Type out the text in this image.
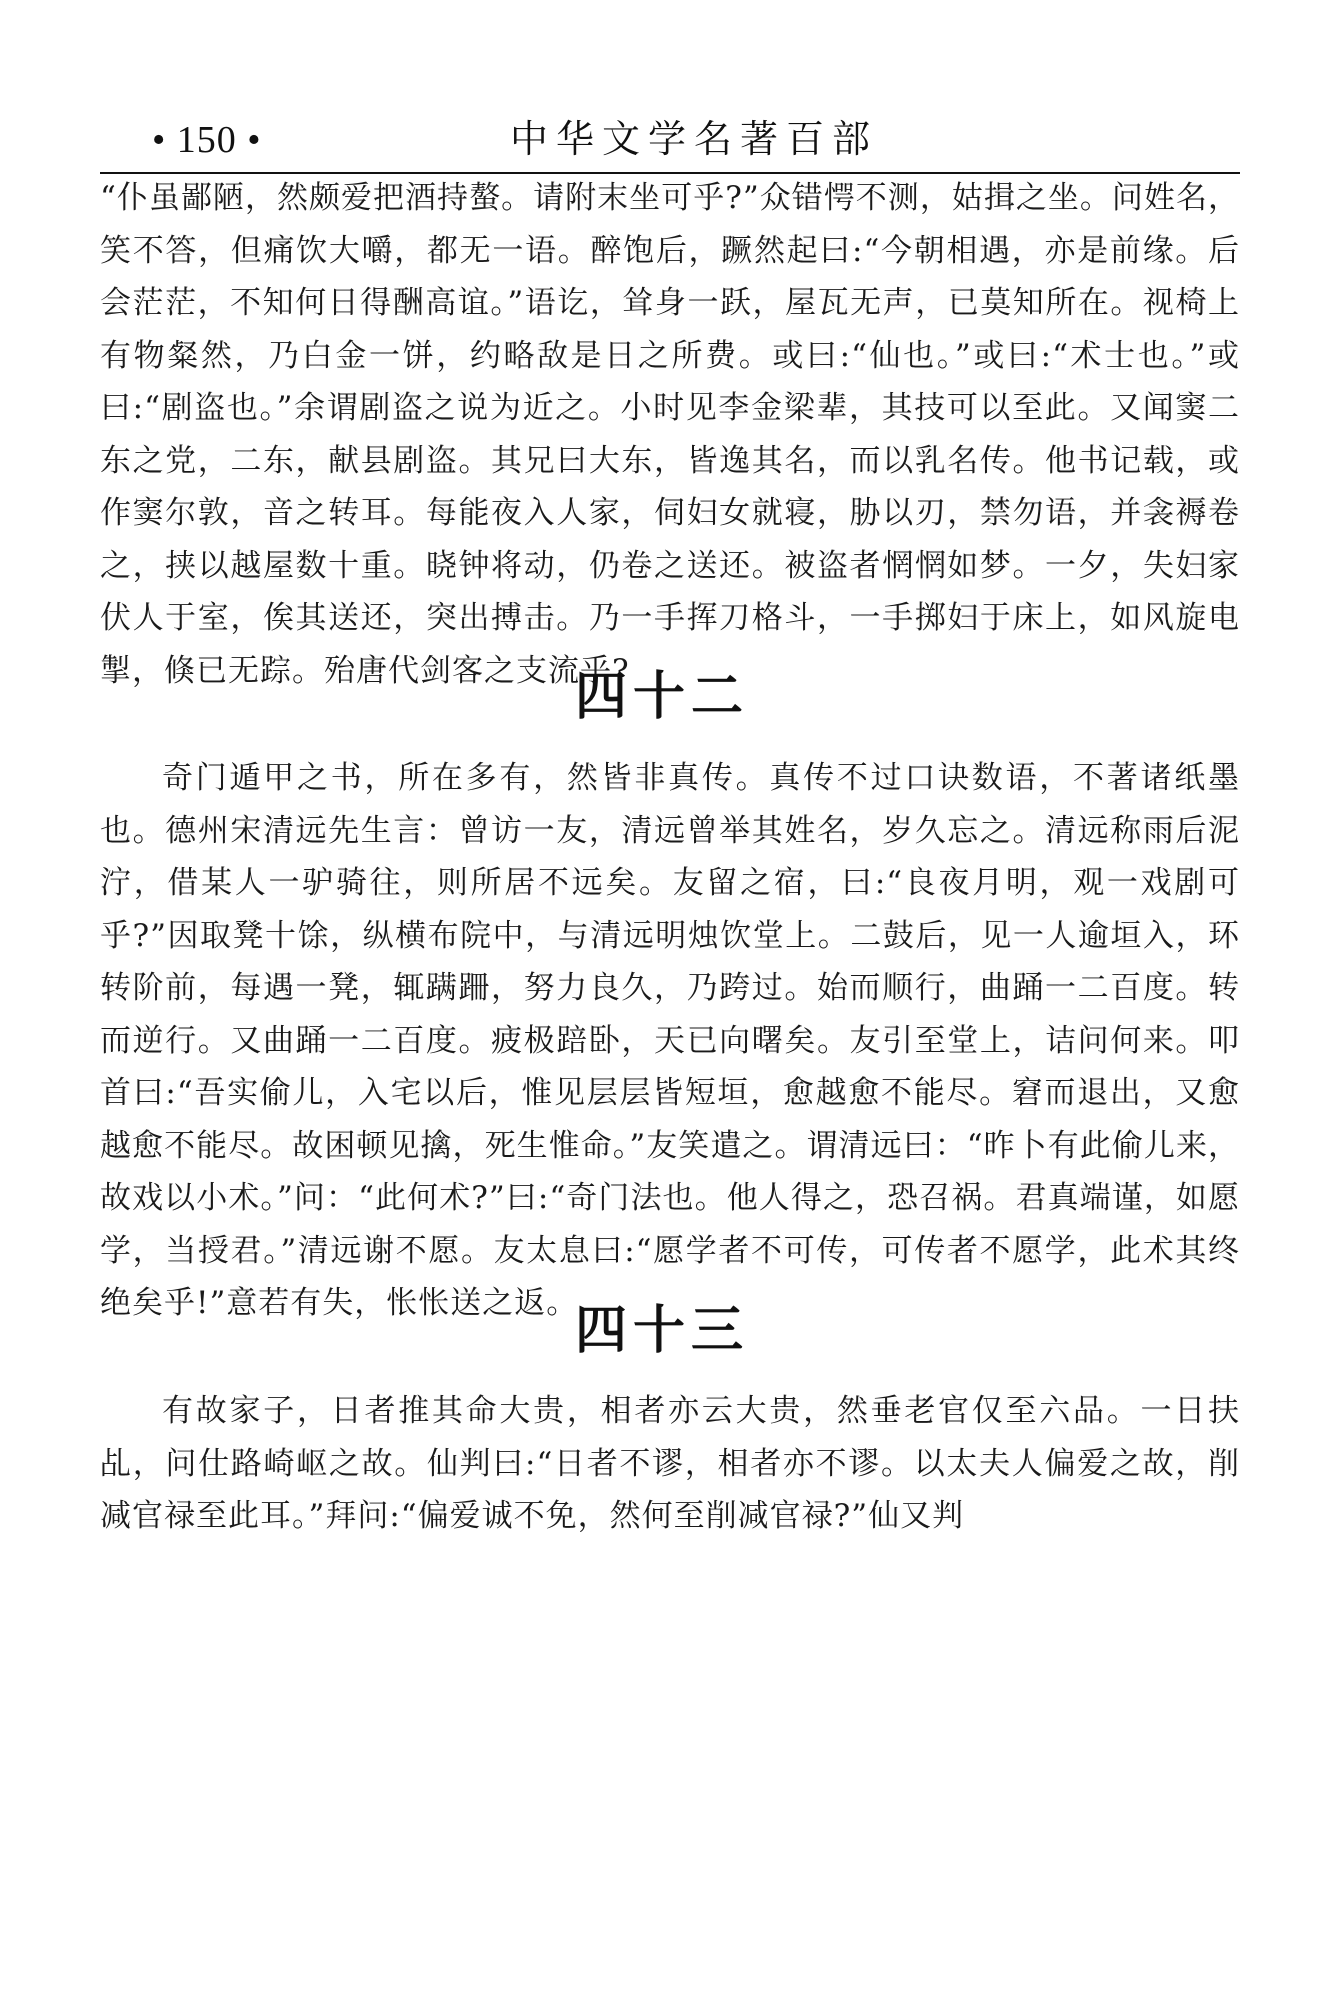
• 150 •	中华文学名著百部

“仆虽鄙陋，然颇爱把酒持螯。请附末坐可乎?”众错愕不测，姑揖之坐。问姓名，笑不答，但痛饮大嚼，都无一语。醉饱后，蹶然起曰:“今朝相遇，亦是前缘。后会茫茫，不知何日得酬高谊。”语讫，耸身一跃，屋瓦无声，已莫知所在。视椅上有物粲然，乃白金一饼，约略敌是日之所费。或曰:“仙也。”或曰:“术士也。”或曰:“剧盗也。”余谓剧盗之说为近之。小时见李金梁辈，其技可以至此。又闻窦二东之党，二东，献县剧盗。其兄曰大东，皆逸其名，而以乳名传。他书记载，或作窦尔敦，音之转耳。每能夜入人家，伺妇女就寝，胁以刃，禁勿语，并衾褥卷之，挟以越屋数十重。晓钟将动，仍卷之送还。被盗者惘惘如梦。一夕，失妇家伏人于室，俟其送还，突出搏击。乃一手挥刀格斗，一手掷妇于床上，如风旋电掣，倏已无踪。殆唐代剑客之支流乎?

四十二

奇门遁甲之书，所在多有，然皆非真传。真传不过口诀数语，不著诸纸墨也。德州宋清远先生言：曾访一友，清远曾举其姓名，岁久忘之。清远称雨后泥泞，借某人一驴骑往，则所居不远矣。友留之宿，曰:“良夜月明，观一戏剧可乎?”因取凳十馀，纵横布院中，与清远明烛饮堂上。二鼓后，见一人逾垣入，环转阶前，每遇一凳，辄蹒跚，努力良久，乃跨过。始而顺行，曲踊一二百度。转而逆行。又曲踊一二百度。疲极踣卧，天已向曙矣。友引至堂上，诘问何来。叩首曰:“吾实偷儿，入宅以后，惟见层层皆短垣，愈越愈不能尽。窘而退出，又愈越愈不能尽。故困顿见擒，死生惟命。”友笑遣之。谓清远曰：“昨卜有此偷儿来，故戏以小术。”问：“此何术?”曰:“奇门法也。他人得之，恐召祸。君真端谨，如愿学，当授君。”清远谢不愿。友太息曰:“愿学者不可传，可传者不愿学，此术其终绝矣乎!”意若有失，怅怅送之返。

四十三

有故家子，日者推其命大贵，相者亦云大贵，然垂老官仅至六品。一日扶乩，问仕路崎岖之故。仙判曰:“日者不谬，相者亦不谬。以太夫人偏爱之故，削减官禄至此耳。”拜问:“偏爱诚不免，然何至削减官禄?”仙又判
